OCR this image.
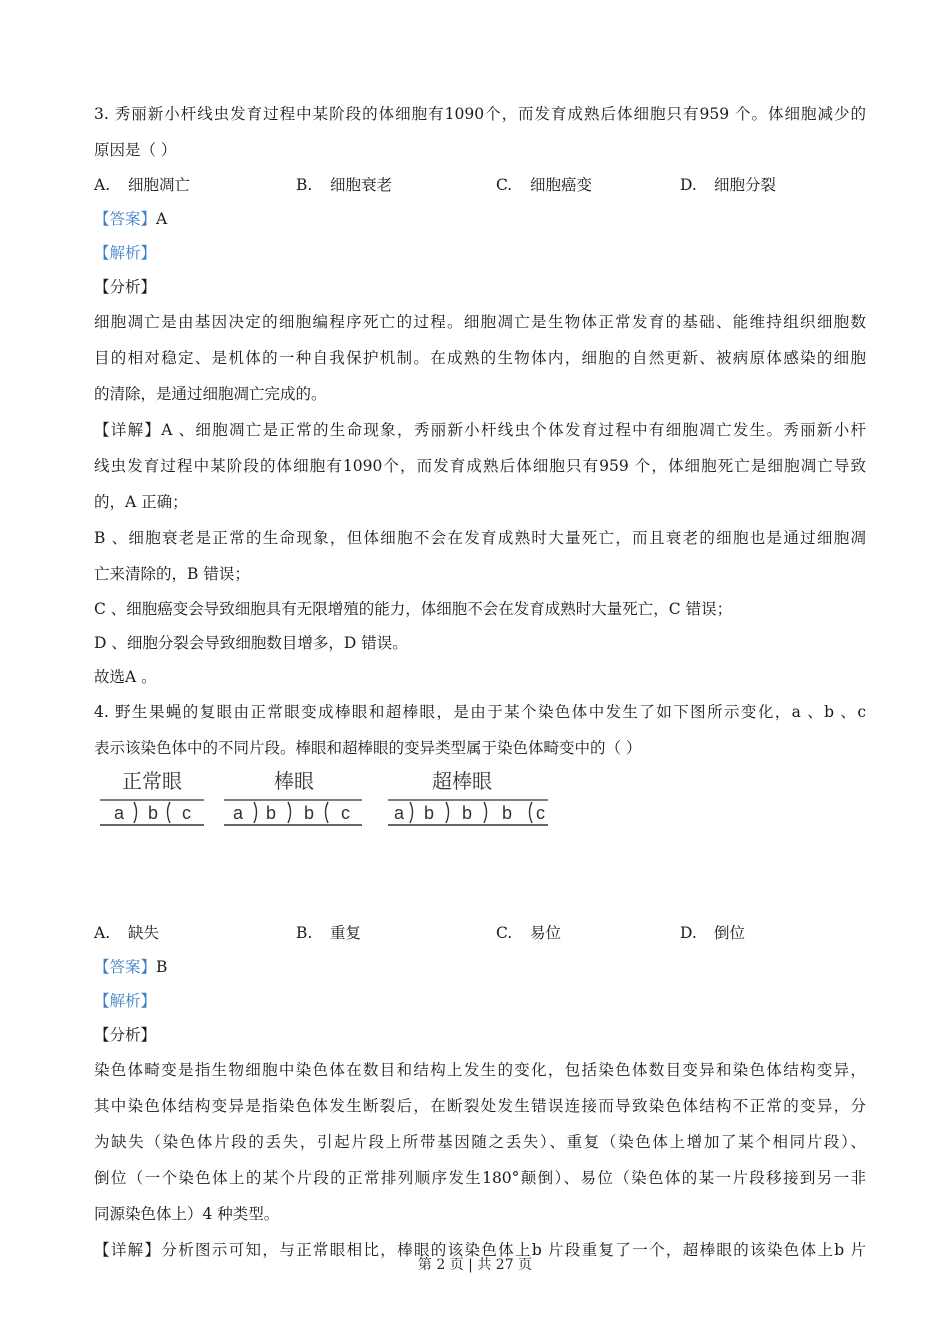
3. 秀丽新小杆线虫发育过程中某阶段的体细胞有1090个，而发育成熟后体细胞只有959 个。体细胞减少的
原因是（ ）
A. 细胞凋亡	B. 细胞衰老	C. 细胞癌变	D. 细胞分裂
【答案】A
【解析】
【分析】
细胞凋亡是由基因决定的细胞编程序死亡的过程。细胞凋亡是生物体正常发育的基础、能维持组织细胞数
目的相对稳定、是机体的一种自我保护机制。在成熟的生物体内，细胞的自然更新、被病原体感染的细胞
的清除，是通过细胞凋亡完成的。
【详解】A 、细胞凋亡是正常的生命现象，秀丽新小杆线虫个体发育过程中有细胞凋亡发生。秀丽新小杆
线虫发育过程中某阶段的体细胞有1090个，而发育成熟后体细胞只有959 个，体细胞死亡是细胞凋亡导致
的，A 正确；
B 、细胞衰老是正常的生命现象，但体细胞不会在发育成熟时大量死亡，而且衰老的细胞也是通过细胞凋
亡来清除的，B 错误；
C 、细胞癌变会导致细胞具有无限增殖的能力，体细胞不会在发育成熟时大量死亡，C 错误；
D 、细胞分裂会导致细胞数目增多，D 错误。
故选A 。
4. 野生果蝇的复眼由正常眼变成棒眼和超棒眼，是由于某个染色体中发生了如下图所示变化，a 、b 、c
表示该染色体中的不同片段。棒眼和超棒眼的变异类型属于染色体畸变中的（ ）
正常眼
a b c
棒眼
a b b c
超棒眼
a b b b c
A. 缺失	B. 重复	C. 易位	D. 倒位
【答案】B
【解析】
【分析】
染色体畸变是指生物细胞中染色体在数目和结构上发生的变化，包括染色体数目变异和染色体结构变异，
其中染色体结构变异是指染色体发生断裂后，在断裂处发生错误连接而导致染色体结构不正常的变异，分
为缺失（染色体片段的丢失，引起片段上所带基因随之丢失）、重复（染色体上增加了某个相同片段）、
倒位（一个染色体上的某个片段的正常排列顺序发生180°颠倒）、易位（染色体的某一片段移接到另一非
同源染色体上）4 种类型。
【详解】分析图示可知，与正常眼相比，棒眼的该染色体上b 片段重复了一个，超棒眼的该染色体上b 片
第 2 页 | 共 27 页
